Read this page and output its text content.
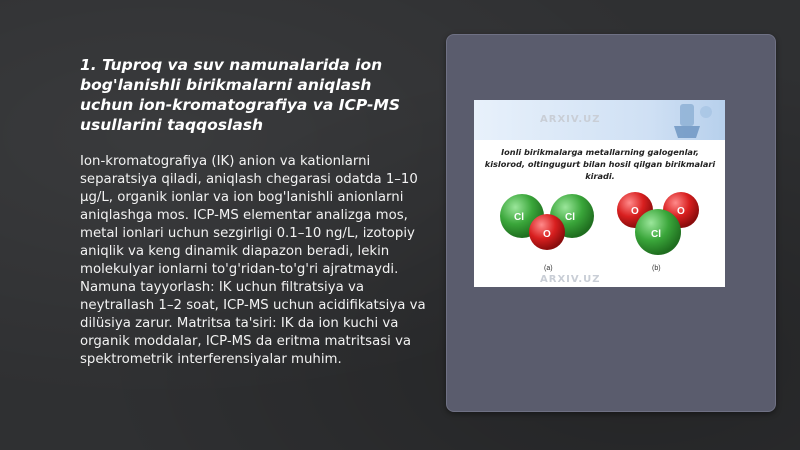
1. Tuproq va suv namunalarida ion bog'lanishli birikmalarni aniqlash uchun ion-kromatografiya va ICP-MS usullarini taqqoslash

Ion-kromatografiya (IK) anion va kationlarni separatsiya qiladi, aniqlash chegarasi odatda 1–10 μg/L, organik ionlar va ion bog'lanishli anionlarni aniqlashga mos. ICP-MS elementar analizga mos, metal ionlari uchun sezgirligi 0.1–10 ng/L, izotopiy aniqlik va keng dinamik diapazon beradi, lekin molekulyar ionlarni to'g'ridan-to'g'ri ajratmaydi. Namuna tayyorlash: IK uchun filtratsiya va neytrallash 1–2 soat, ICP-MS uchun acidifikatsiya va dilüsiya zarur. Matritsa ta'siri: IK da ion kuchi va organik moddalar, ICP-MS da eritma matritsasi va spektrometrik interferensiyalar muhim.

ARXIV.UZ
ARXIV.UZ

Ionli birikmalarga metallarning galogenlar, kislorod, oltingugurt bilan hosil qilgan birikmalari kiradi.

Cl
O
Cl
(a)
O	O
Cl
(b)
